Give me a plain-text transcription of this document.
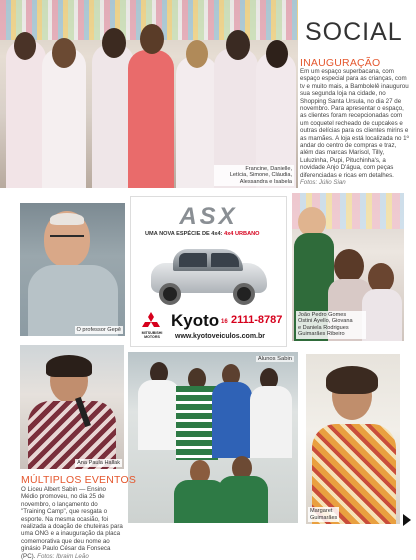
Francine, Danielle,
Letícia, Simone, Cláudia,
Alessandra e Isabela
SOCIAL
INAUGURAÇÃO
Em um espaço superbacana, com espaço especial para as crianças, com tv e muito mais, a Bambolelê inaugurou sua segunda loja na cidade, no Shopping Santa Ursula, no dia 27 de novembro. Para apresentar o espaço, as clientes foram recepcionadas com um coquetel recheado de cupcakes e outras delícias para os clientes mirins e as mamães. A loja está localizada no 1º andar do centro de compras e traz, além das marcas Marisol, Tilly, Luluzinha, Pupi, Pituchinha's, a novidade Anjo D'água, com peças diferenciadas e ricas em detalhes. Fotos: Júlio Sian
O professor Gepê
ASX
UMA NOVA ESPÉCIE DE 4x4: 4x4 URBANO
MITSUBISHI MOTORS
Kyoto 16 2111-8787
www.kyotoveiculos.com.br
João Pedro Gomes
Ostini Ayello, Giovana
e Daniela Rodrigues
Guimarães Ribeiro
Ana Paula Hallak
Alunos Sabin
Margaret
Guimarães
MÚLTIPLOS EVENTOS
O Liceu Albert Sabin — Ensino Médio promoveu, no dia 25 de novembro, o lançamento do "Training Camp", que resgata o esporte. Na mesma ocasião, foi realizada a doação de chuteiras para uma ONG e a inauguração da placa comemorativa que deu nome ao ginásio Paulo César da Fonseca (PC). Fotos: Ibraim Leão
